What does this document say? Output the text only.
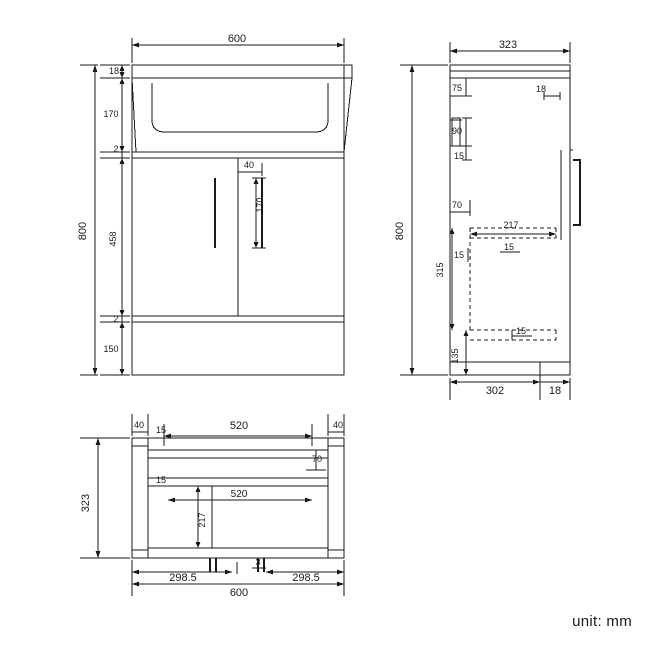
600
18
170
2
800 458
40
170
2
150
323
75	18
90
15
800
70
217
15
15
315
135
15
302	18
40 15	520	40
70
15
520
217
323
298.5
3
298.5
600
unit: mm
